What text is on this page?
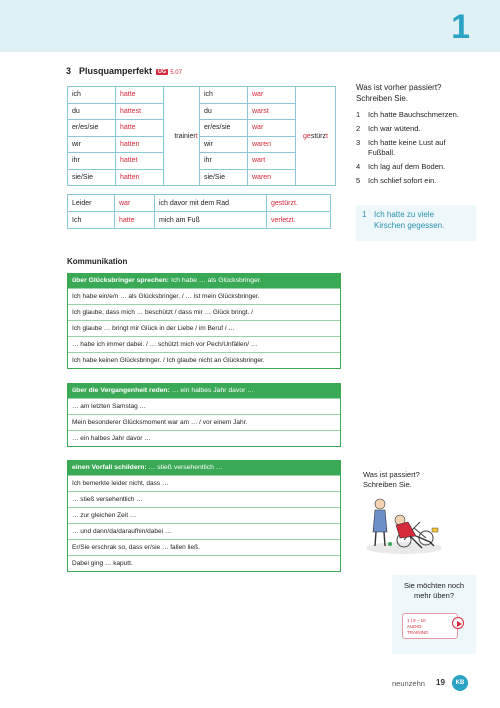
1
3 Plusquamperfekt ÜG 5.07
ich	hatte	trainiert
du	hattest	
er/es/sie	hatte	
wir	hatten	
ihr	hattet	
sie/Sie	hatten	
ich	war	gestürzt
du	warst	
er/es/sie	war	
wir	waren	
ihr	wart	
sie/Sie	waren	
Leider	war	ich davor mit dem Rad	gestürzt.
Ich	hatte	mich am Fuß	verletzt.
Was ist vorher passiert?
Schreiben Sie.
1	Ich hatte Bauchschmerzen.
2	Ich war wütend.
3	Ich hatte keine Lust auf Fußball.
4	Ich lag auf dem Boden.
5	Ich schlief sofort ein.
1 Ich hatte zu viele Kirschen gegessen.
Kommunikation
über Glücksbringer sprechen: Ich habe … als Glücksbringer.
Ich habe ein/e/n … als Glücksbringer. / … ist mein Glücksbringer.
Ich glaube, dass mich … beschützt / dass mir … Glück bringt. /
Ich glaube … bringt mir Glück in der Liebe / im Beruf / …
… habe ich immer dabei. / … schützt mich vor Pech/Unfällen/ …
Ich habe keinen Glücksbringer. / Ich glaube nicht an Glücksbringer.
über die Vergangenheit reden: … ein halbes Jahr davor …
… am letzten Samstag …
Mein besonderer Glücksmoment war am … / vor einem Jahr.
… ein halbes Jahr davor …
einen Vorfall schildern: … stieß versehentlich …
Ich bemerkte leider nicht, dass …
… stieß versehentlich …
… zur gleichen Zeit …
… und dann/da/daraufhin/dabei …
Er/Sie erschrak so, dass er/sie … fallen ließ.
Dabei ging … kaputt.
Was ist passiert?
Schreiben Sie.
Sie möchten noch
mehr üben?
1 | 8 – 10
AUDIO-
TRAINING
neunzehn 19	KB
